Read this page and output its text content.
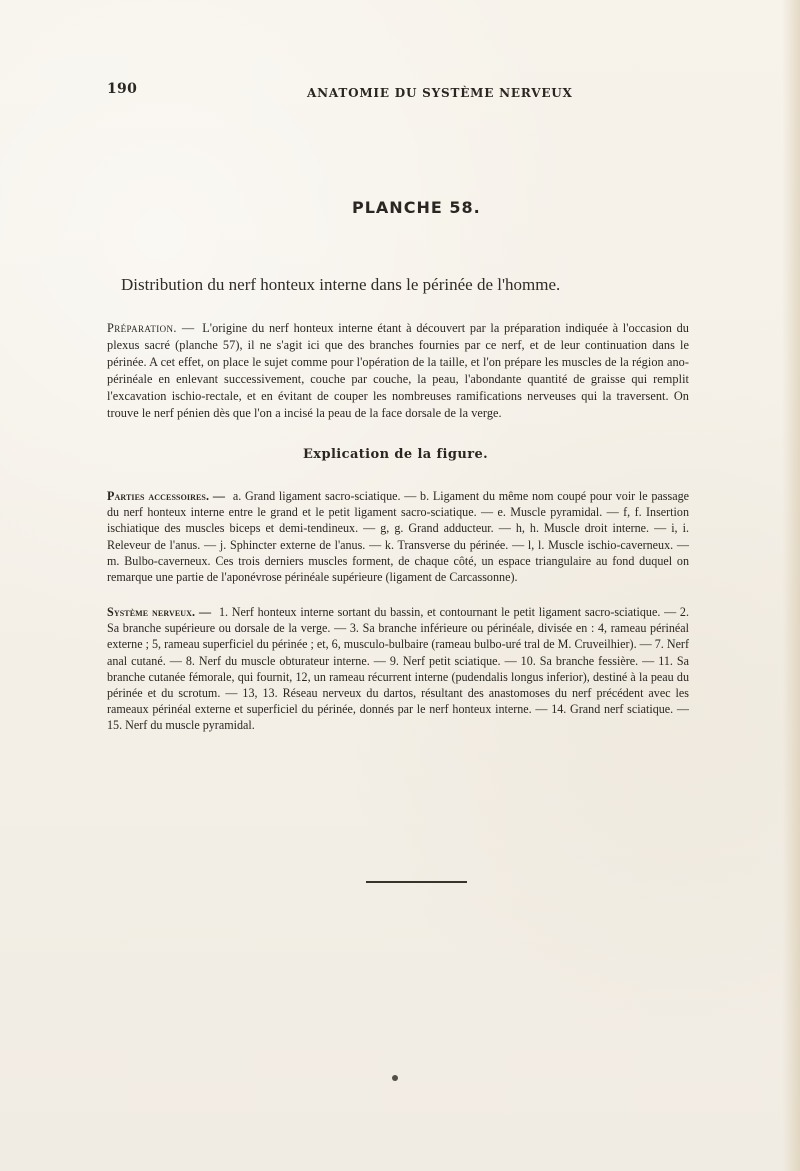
190	ANATOMIE DU SYSTÈME NERVEUX
PLANCHE 58.
Distribution du nerf honteux interne dans le périnée de l'homme.
Préparation. — L'origine du nerf honteux interne étant à découvert par la préparation indiquée à l'occasion du plexus sacré (planche 57), il ne s'agit ici que des branches fournies par ce nerf, et de leur continuation dans le périnée. A cet effet, on place le sujet comme pour l'opération de la taille, et l'on prépare les muscles de la région ano-périnéale en enlevant successivement, couche par couche, la peau, l'abondante quantité de graisse qui remplit l'excavation ischio-rectale, et en évitant de couper les nombreuses ramifications nerveuses qui la traversent. On trouve le nerf pénien dès que l'on a incisé la peau de la face dorsale de la verge.
Explication de la figure.
Parties accessoires. — a. Grand ligament sacro-sciatique. — b. Ligament du même nom coupé pour voir le passage du nerf honteux interne entre le grand et le petit ligament sacro-sciatique. — e. Muscle pyramidal. — f, f. Insertion ischiatique des muscles biceps et demi-tendineux. — g, g. Grand adducteur. — h, h. Muscle droit interne. — i, i. Releveur de l'anus. — j. Sphincter externe de l'anus. — k. Transverse du périnée. — l, l. Muscle ischio-caverneux. — m. Bulbo-caverneux. Ces trois derniers muscles forment, de chaque côté, un espace triangulaire au fond duquel on remarque une partie de l'aponévrose périnéale supérieure (ligament de Carcassonne).
Système nerveux. — 1. Nerf honteux interne sortant du bassin, et contournant le petit ligament sacro-sciatique. — 2. Sa branche supérieure ou dorsale de la verge. — 3. Sa branche inférieure ou périnéale, divisée en : 4, rameau périnéal externe ; 5, rameau superficiel du périnée ; et, 6, musculo-bulbaire (rameau bulbo-uré tral de M. Cruveilhier). — 7. Nerf anal cutané. — 8. Nerf du muscle obturateur interne. — 9. Nerf petit sciatique. — 10. Sa branche fessière. — 11. Sa branche cutanée fémorale, qui fournit, 12, un rameau récurrent interne (pudendalis longus inferior), destiné à la peau du périnée et du scrotum. — 13, 13. Réseau nerveux du dartos, résultant des anastomoses du nerf précédent avec les rameaux périnéal externe et superficiel du périnée, donnés par le nerf honteux interne. — 14. Grand nerf sciatique. — 15. Nerf du muscle pyramidal.
